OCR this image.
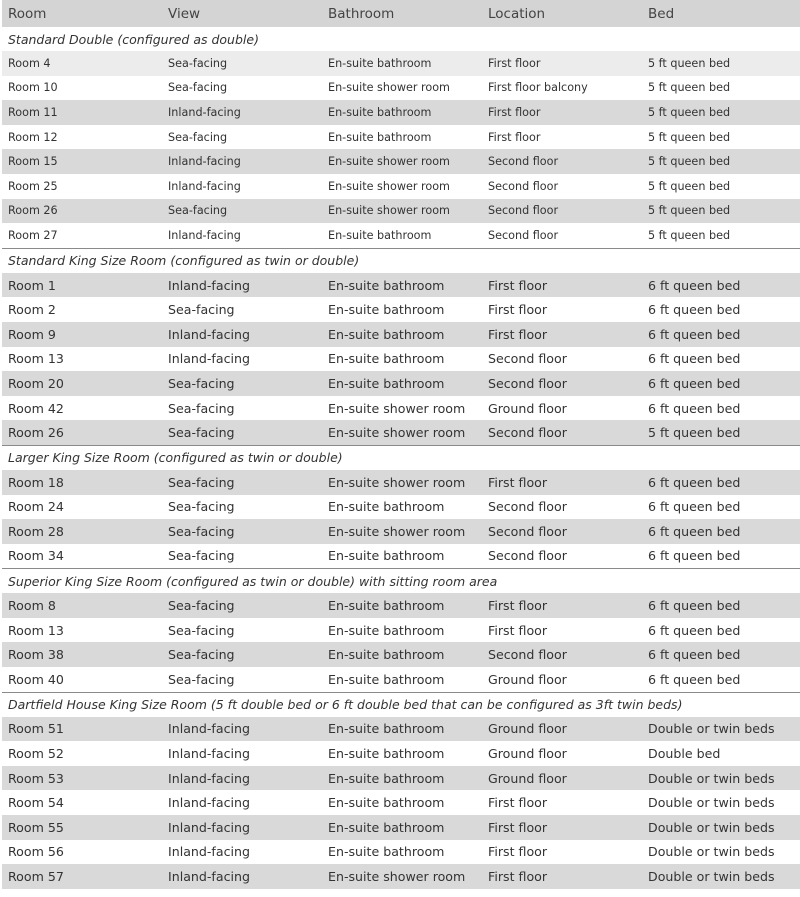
Room	View	Bathroom	Location	Bed
Standard Double (configured as double)				
Room 4	Sea-facing	En-suite bathroom	First floor	5 ft queen bed
Room 10	Sea-facing	En-suite shower room	First floor balcony	5 ft queen bed
Room 11	Inland-facing	En-suite bathroom	First floor	5 ft queen bed
Room 12	Sea-facing	En-suite bathroom	First floor	5 ft queen bed
Room 15	Inland-facing	En-suite shower room	Second floor	5 ft queen bed
Room 25	Inland-facing	En-suite shower room	Second floor	5 ft queen bed
Room 26	Sea-facing	En-suite shower room	Second floor	5 ft queen bed
Room 27	Inland-facing	En-suite bathroom	Second floor	5 ft queen bed
Standard King Size Room (configured as twin or double)				
Room 1	Inland-facing	En-suite bathroom	First floor	6 ft queen bed
Room 2	Sea-facing	En-suite bathroom	First floor	6 ft queen bed
Room 9	Inland-facing	En-suite bathroom	First floor	6 ft queen bed
Room 13	Inland-facing	En-suite bathroom	Second floor	6 ft queen bed
Room 20	Sea-facing	En-suite bathroom	Second floor	6 ft queen bed
Room 42	Sea-facing	En-suite shower room	Ground floor	6 ft queen bed
Room 26	Sea-facing	En-suite shower room	Second floor	5 ft queen bed
Larger King Size Room (configured as twin or double)				
Room 18	Sea-facing	En-suite shower room	First floor	6 ft queen bed
Room 24	Sea-facing	En-suite bathroom	Second floor	6 ft queen bed
Room 28	Sea-facing	En-suite shower room	Second floor	6 ft queen bed
Room 34	Sea-facing	En-suite bathroom	Second floor	6 ft queen bed
Superior King Size Room (configured as twin or double) with sitting room area				
Room 8	Sea-facing	En-suite bathroom	First floor	6 ft queen bed
Room 13	Sea-facing	En-suite bathroom	First floor	6 ft queen bed
Room 38	Sea-facing	En-suite bathroom	Second floor	6 ft queen bed
Room 40	Sea-facing	En-suite bathroom	Ground floor	6 ft queen bed
Dartfield House King Size Room (5 ft double bed or 6 ft double bed that can be configured as 3ft twin beds)				
Room 51	Inland-facing	En-suite bathroom	Ground floor	Double or twin beds
Room 52	Inland-facing	En-suite bathroom	Ground floor	Double bed
Room 53	Inland-facing	En-suite bathroom	Ground floor	Double or twin beds
Room 54	Inland-facing	En-suite bathroom	First floor	Double or twin beds
Room 55	Inland-facing	En-suite bathroom	First floor	Double or twin beds
Room 56	Inland-facing	En-suite bathroom	First floor	Double or twin beds
Room 57	Inland-facing	En-suite shower room	First floor	Double or twin beds
